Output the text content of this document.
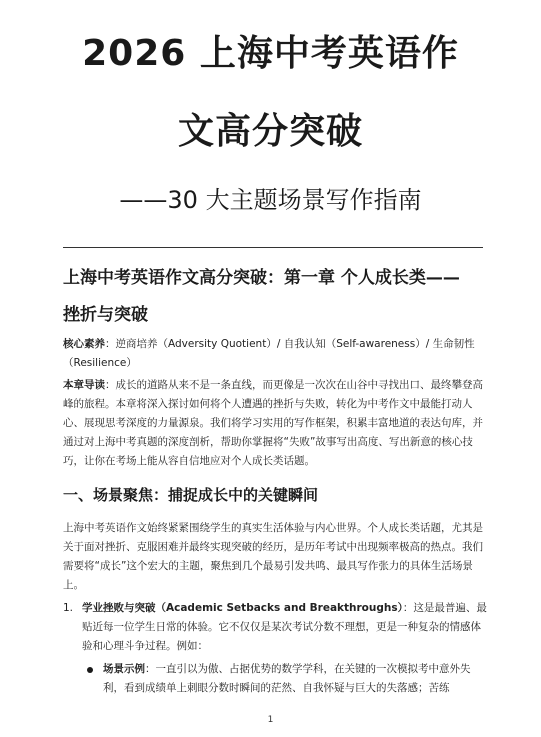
2026 上海中考英语作
文高分突破
——30 大主题场景写作指南
上海中考英语作文高分突破：第一章 个人成长类——
挫折与突破
核心素养：逆商培养（Adversity Quotient）/ 自我认知（Self-awareness）/ 生命韧性（Resilience）
本章导读：成长的道路从来不是一条直线，而更像是一次次在山谷中寻找出口、最终攀登高峰的旅程。本章将深入探讨如何将个人遭遇的挫折与失败，转化为中考作文中最能打动人心、展现思考深度的力量源泉。我们将学习实用的写作框架，积累丰富地道的表达句库，并通过对上海中考真题的深度剖析，帮助你掌握将“失败”故事写出高度、写出新意的核心技巧，让你在考场上能从容自信地应对个人成长类话题。
一、场景聚焦：捕捉成长中的关键瞬间
上海中考英语作文始终紧紧围绕学生的真实生活体验与内心世界。个人成长类话题，尤其是关于面对挫折、克服困难并最终实现突破的经历，是历年考试中出现频率极高的热点。我们需要将“成长”这个宏大的主题，聚焦到几个最易引发共鸣、最具写作张力的具体生活场景上。
1. 学业挫败与突破（Academic Setbacks and Breakthroughs）：这是最普遍、最贴近每一位学生日常的体验。它不仅仅是某次考试分数不理想，更是一种复杂的情感体验和心理斗争过程。例如：
场景示例：一直引以为傲、占据优势的数学学科，在关键的一次模拟考中意外失利，看到成绩单上刺眼分数时瞬间的茫然、自我怀疑与巨大的失落感；苦练
1
